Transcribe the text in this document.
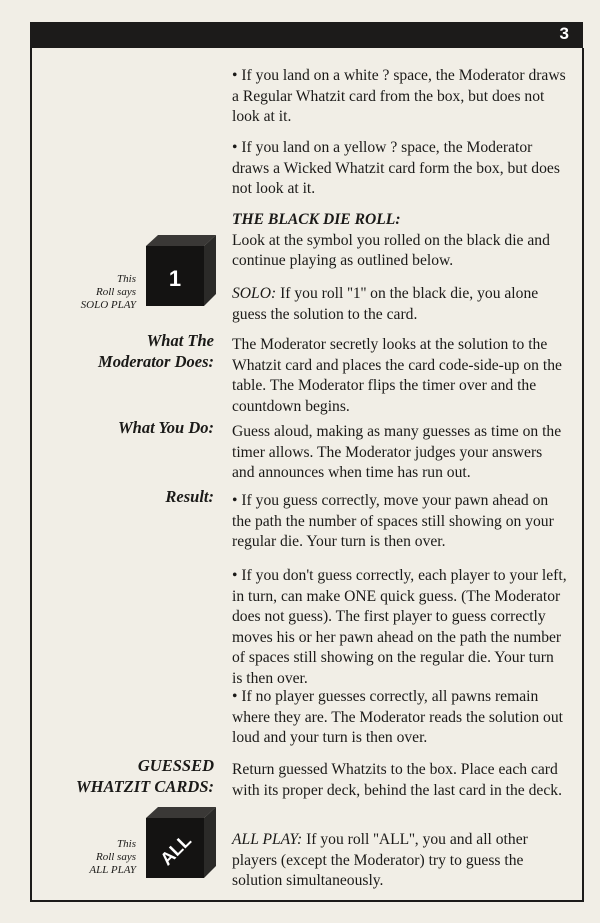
3

• If you land on a white ? space, the Moderator draws a Regular Whatzit card from the box, but does not look at it.

• If you land on a yellow ? space, the Moderator draws a Wicked Whatzit card form the box, but does not look at it.

THE BLACK DIE ROLL:

Look at the symbol you rolled on the black die and continue playing as outlined below.

1
This
Roll says
SOLO PLAY

SOLO: If you roll ''1'' on the black die, you alone guess the solution to the card.

What The
Moderator Does:

The Moderator secretly looks at the solution to the Whatzit card and places the card code-side-up on the table. The Moderator flips the timer over and the countdown begins.

What You Do: Guess aloud, making as many guesses as time on the timer allows. The Moderator judges your answers and announces when time has run out.

Result: • If you guess correctly, move your pawn ahead on the path the number of spaces still showing on your regular die. Your turn is then over.

• If you don't guess correctly, each player to your left, in turn, can make ONE quick guess. (The Moderator does not guess). The first player to guess correctly moves his or her pawn ahead on the path the number of spaces still showing on the regular die. Your turn is then over.

• If no player guesses correctly, all pawns remain where they are. The Moderator reads the solution out loud and your turn is then over.

GUESSED
WHATZIT CARDS:

Return guessed Whatzits to the box. Place each card with its proper deck, behind the last card in the deck.

ALL
This
Roll says
ALL PLAY

ALL PLAY: If you roll ''ALL'', you and all other players (except the Moderator) try to guess the solution simultaneously.
